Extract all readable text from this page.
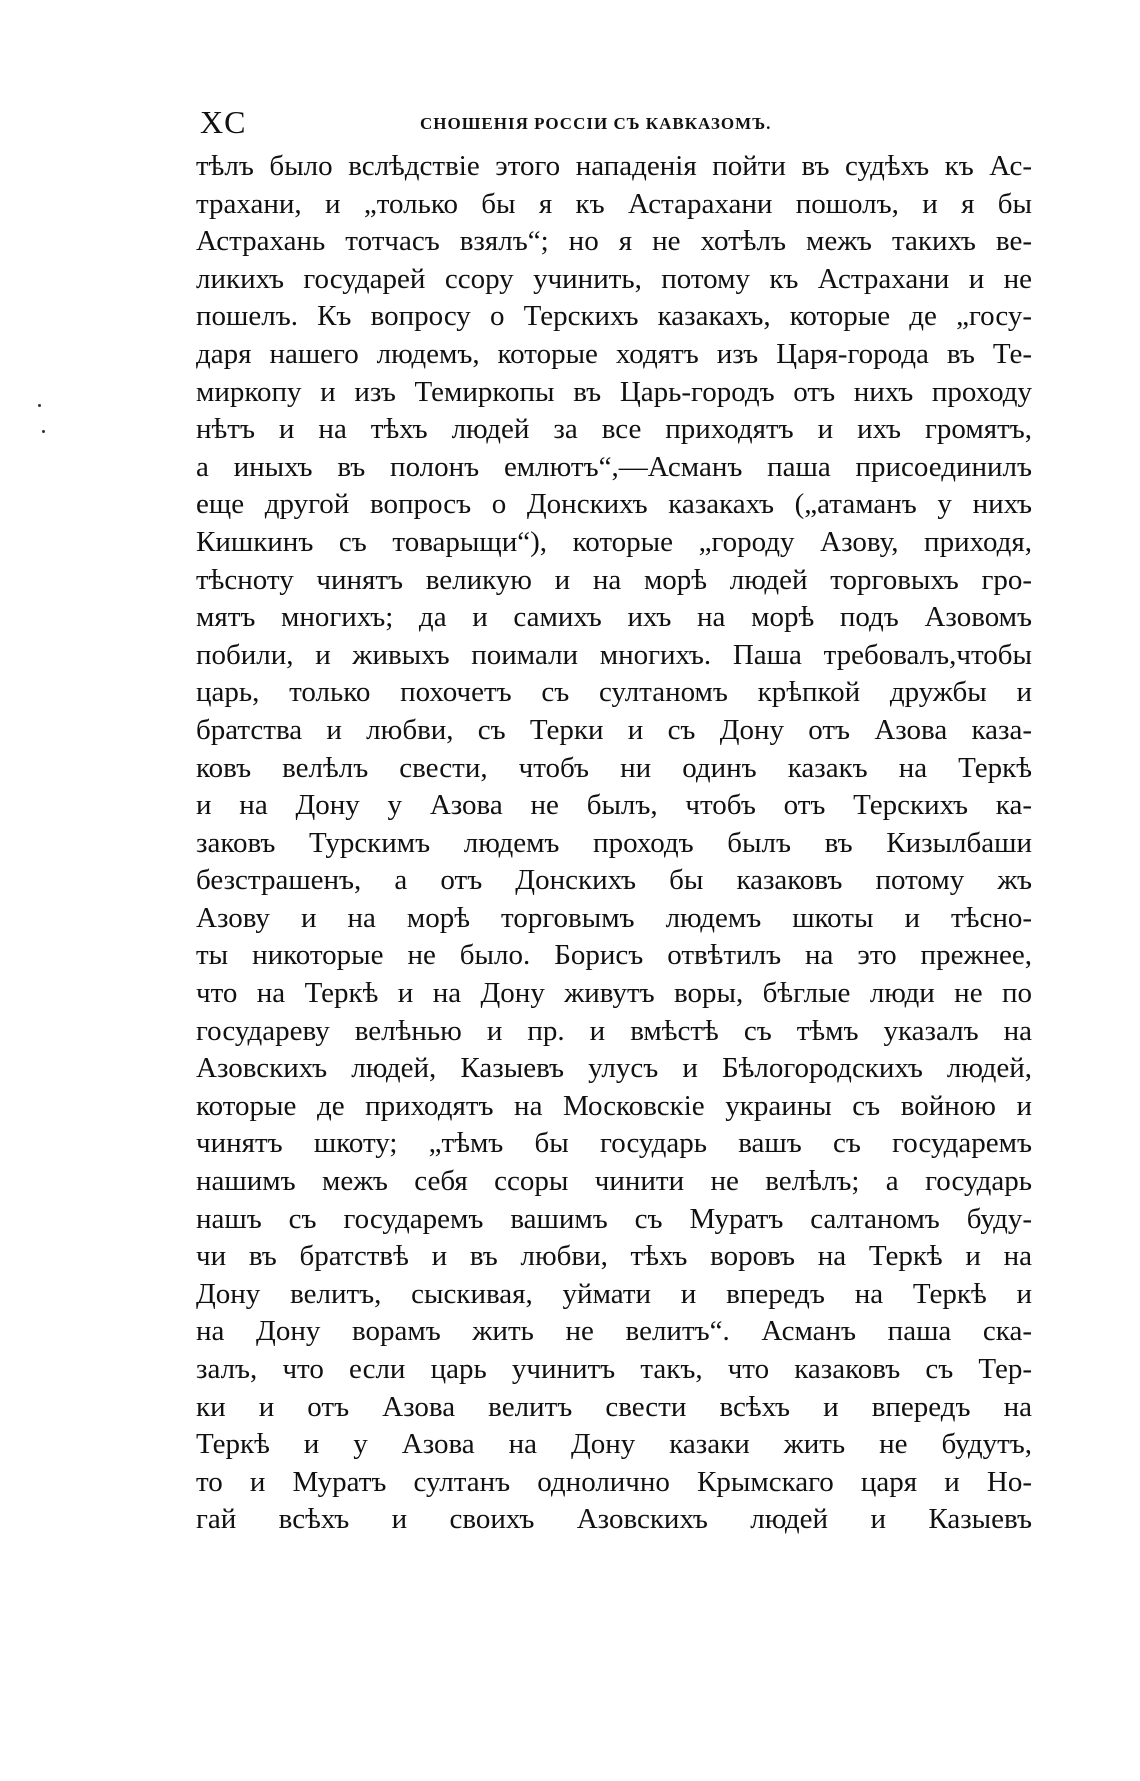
XC	СНОШЕНІЯ РОССІИ СЪ КАВКАЗОМЪ.
тѣлъ было вслѣдствіе этого нападенія пойти въ судѣхъ къ Ас-
трахани, и „только бы я къ Астарахани пошолъ, и я бы
Астрахань тотчасъ взялъ“; но я не хотѣлъ межъ такихъ ве-
ликихъ государей ссору учинить, потому къ Астрахани и не
пошелъ. Къ вопросу о Терскихъ казакахъ, которые де „госу-
даря нашего людемъ, которые ходятъ изъ Царя-города въ Те-
миркопу и изъ Темиркопы въ Царь-городъ отъ нихъ проходу
нѣтъ и на тѣхъ людей за все приходятъ и ихъ громятъ,
а иныхъ въ полонъ емлютъ“,—Асманъ паша присоединилъ
еще другой вопросъ о Донскихъ казакахъ („атаманъ у нихъ
Кишкинъ съ товарыщи“), которые „городу Азову, приходя,
тѣсноту чинятъ великую и на морѣ людей торговыхъ гро-
мятъ многихъ; да и самихъ ихъ на морѣ подъ Азовомъ
побили, и живыхъ поимали многихъ. Паша требовалъ,чтобы
царь, только похочетъ съ султаномъ крѣпкой дружбы и
братства и любви, съ Терки и съ Дону отъ Азова каза-
ковъ велѣлъ свести, чтобъ ни одинъ казакъ на Теркѣ
и на Дону у Азова не былъ, чтобъ отъ Терскихъ ка-
заковъ Турскимъ людемъ проходъ былъ въ Кизылбаши
безстрашенъ, а отъ Донскихъ бы казаковъ потому жъ
Азову и на морѣ торговымъ людемъ шкоты и тѣсно-
ты никоторые не было. Борисъ отвѣтилъ на это прежнее,
что на Теркѣ и на Дону живутъ воры, бѣглые люди не по
государеву велѣнью и пр. и вмѣстѣ съ тѣмъ указалъ на
Азовскихъ людей, Казыевъ улусъ и Бѣлогородскихъ людей,
которые де приходятъ на Московскіе украины съ войною и
чинятъ шкоту; „тѣмъ бы государь вашъ съ государемъ
нашимъ межъ себя ссоры чинити не велѣлъ; а государь
нашъ съ государемъ вашимъ съ Муратъ салтаномъ буду-
чи въ братствѣ и въ любви, тѣхъ воровъ на Теркѣ и на
Дону велитъ, сыскивая, уймати и впередъ на Теркѣ и
на Дону ворамъ жить не велитъ“. Асманъ паша ска-
залъ, что если царь учинитъ такъ, что казаковъ съ Тер-
ки и отъ Азова велитъ свести всѣхъ и впередъ на
Теркѣ и у Азова на Дону казаки жить не будутъ,
то и Муратъ султанъ одноличнo Крымскаго царя и Но-
гай всѣхъ и своихъ Азовскихъ людей и Казыевъ
